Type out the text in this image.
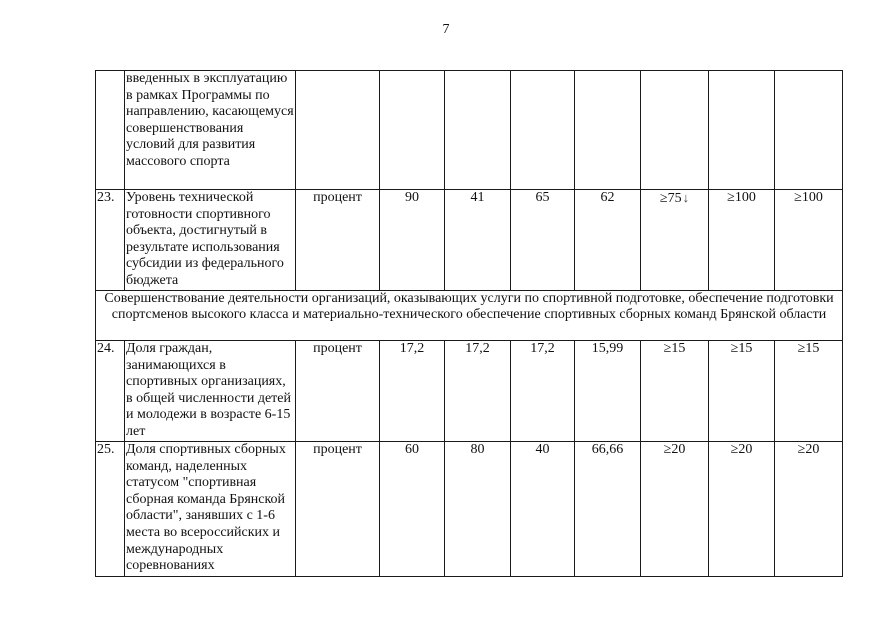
7
	введенных в эксплуатацию в рамках Программы по направлению, касающемуся совершенствования условий для развития массового спорта								
23.	Уровень технической готовности спортивного объекта, достигнутый в результате использования субсидии из федерального бюджета	процент	90	41	65	62	≥75↓	≥100	≥100
Совершенствование деятельности организаций, оказывающих услуги по спортивной подготовке, обеспечение подготовки спортсменов высокого класса и материально-технического обеспечение спортивных сборных команд Брянской области									
24.	Доля граждан, занимающихся в спортивных организациях, в общей численности детей и молодежи в возрасте 6-15 лет	процент	17,2	17,2	17,2	15,99	≥15	≥15	≥15
25.	Доля спортивных сборных команд, наделенных статусом "спортивная сборная команда Брянской области", занявших с 1-6 места во всероссийских и международных соревнованиях	процент	60	80	40	66,66	≥20	≥20	≥20
